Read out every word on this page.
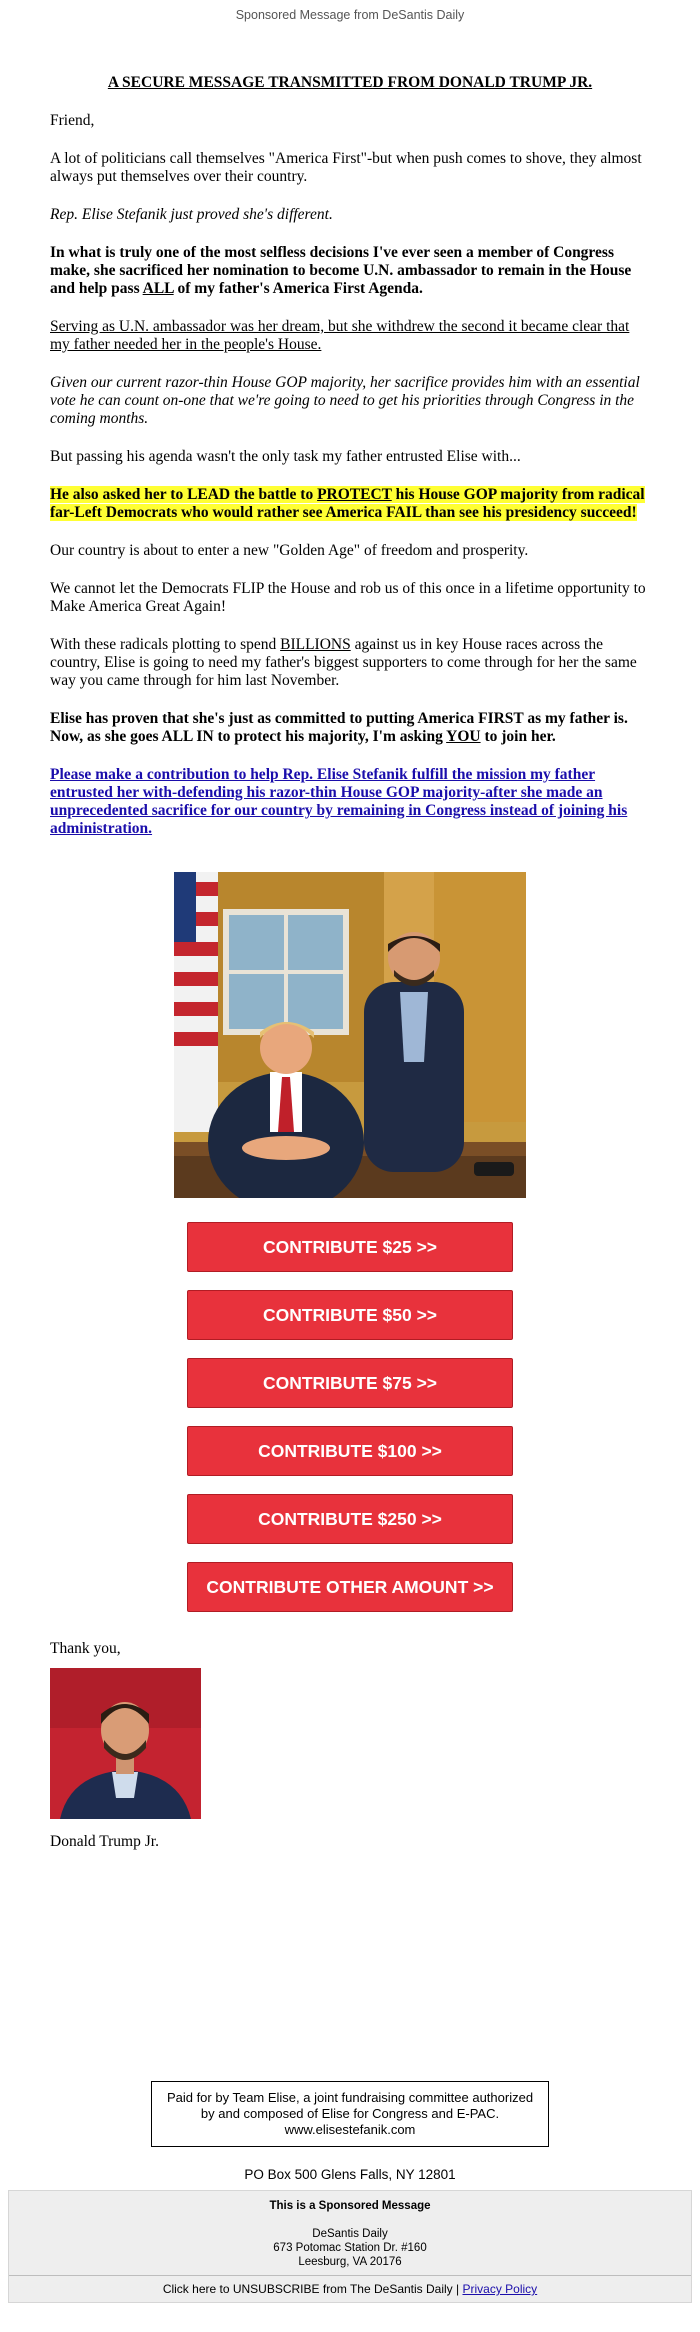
Sponsored Message from DeSantis Daily
A SECURE MESSAGE TRANSMITTED FROM DONALD TRUMP JR.

Friend,

A lot of politicians call themselves "America First"-but when push comes to shove, they almost always put themselves over their country.

Rep. Elise Stefanik just proved she's different.

In what is truly one of the most selfless decisions I've ever seen a member of Congress make, she sacrificed her nomination to become U.N. ambassador to remain in the House and help pass ALL of my father's America First Agenda.

Serving as U.N. ambassador was her dream, but she withdrew the second it became clear that my father needed her in the people's House.

Given our current razor-thin House GOP majority, her sacrifice provides him with an essential vote he can count on-one that we're going to need to get his priorities through Congress in the coming months.

But passing his agenda wasn't the only task my father entrusted Elise with...

He also asked her to LEAD the battle to PROTECT his House GOP majority from radical far-Left Democrats who would rather see America FAIL than see his presidency succeed!

Our country is about to enter a new "Golden Age" of freedom and prosperity.

We cannot let the Democrats FLIP the House and rob us of this once in a lifetime opportunity to Make America Great Again!

With these radicals plotting to spend BILLIONS against us in key House races across the country, Elise is going to need my father's biggest supporters to come through for her the same way you came through for him last November.

Elise has proven that she's just as committed to putting America FIRST as my father is. Now, as she goes ALL IN to protect his majority, I'm asking YOU to join her.

Please make a contribution to help Rep. Elise Stefanik fulfill the mission my father entrusted her with-defending his razor-thin House GOP majority-after she made an unprecedented sacrifice for our country by remaining in Congress instead of joining his administration.

CONTRIBUTE $25 >>
CONTRIBUTE $50 >>
CONTRIBUTE $75 >>
CONTRIBUTE $100 >>
CONTRIBUTE $250 >>
CONTRIBUTE OTHER AMOUNT >>

Thank you,

Donald Trump Jr.

Paid for by Team Elise, a joint fundraising committee authorized by and composed of Elise for Congress and E-PAC. www.elisestefanik.com
PO Box 500 Glens Falls, NY 12801
This is a Sponsored Message
DeSantis Daily
673 Potomac Station Dr. #160
Leesburg, VA 20176
Click here to UNSUBSCRIBE from The DeSantis Daily | Privacy Policy
